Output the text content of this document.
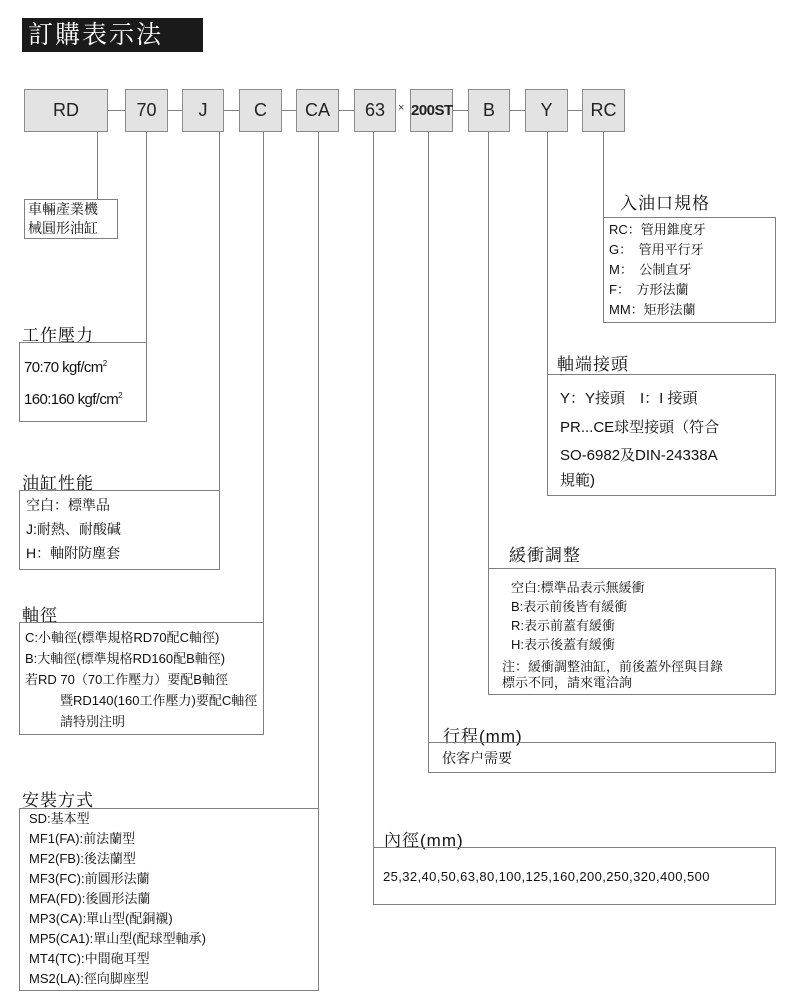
訂購表示法
RD	70	J	C	CA	63	× 200ST	B	Y	RC
車輛產業機
械圓形油缸
工作壓力
70:70 kgf/$cm^2$
160:160 kgf/$cm^2$
油缸性能
空白：標準品
J:耐熱、耐酸碱
H：軸附防塵套
軸徑
C:小軸徑(標準規格RD70配C軸徑)
B:大軸徑(標準規格RD160配B軸徑)
若RD 70（70工作壓力）要配B軸徑
暨RD140(160工作壓力)要配C軸徑
請特別注明
安裝方式
SD:基本型
MF1(FA):前法蘭型
MF2(FB):後法蘭型
MF3(FC):前圓形法蘭
MFA(FD):後圓形法蘭
MP3(CA):單山型(配銅襯)
MP5(CA1):單山型(配球型軸承)
MT4(TC):中間砲耳型
MS2(LA):徑向脚座型
內徑(mm)
25,32,40,50,63,80,100,125,160,200,250,320,400,500
行程(mm)
依客户需要
緩衝調整
空白:標準品表示無緩衝
B:表示前後皆有緩衝
R:表示前蓋有緩衝
H:表示後蓋有緩衝
注：緩衝調整油缸，前後蓋外徑與目錄
標示不同，請來電洽詢
軸端接頭
Y：Y接頭　I：I 接頭
PR...CE球型接頭（符合
SO-6982及DIN-24338A
規範)
入油口規格
RC：管用錐度牙
G：　管用平行牙
M：　公制直牙
F：　方形法蘭
MM：矩形法蘭
